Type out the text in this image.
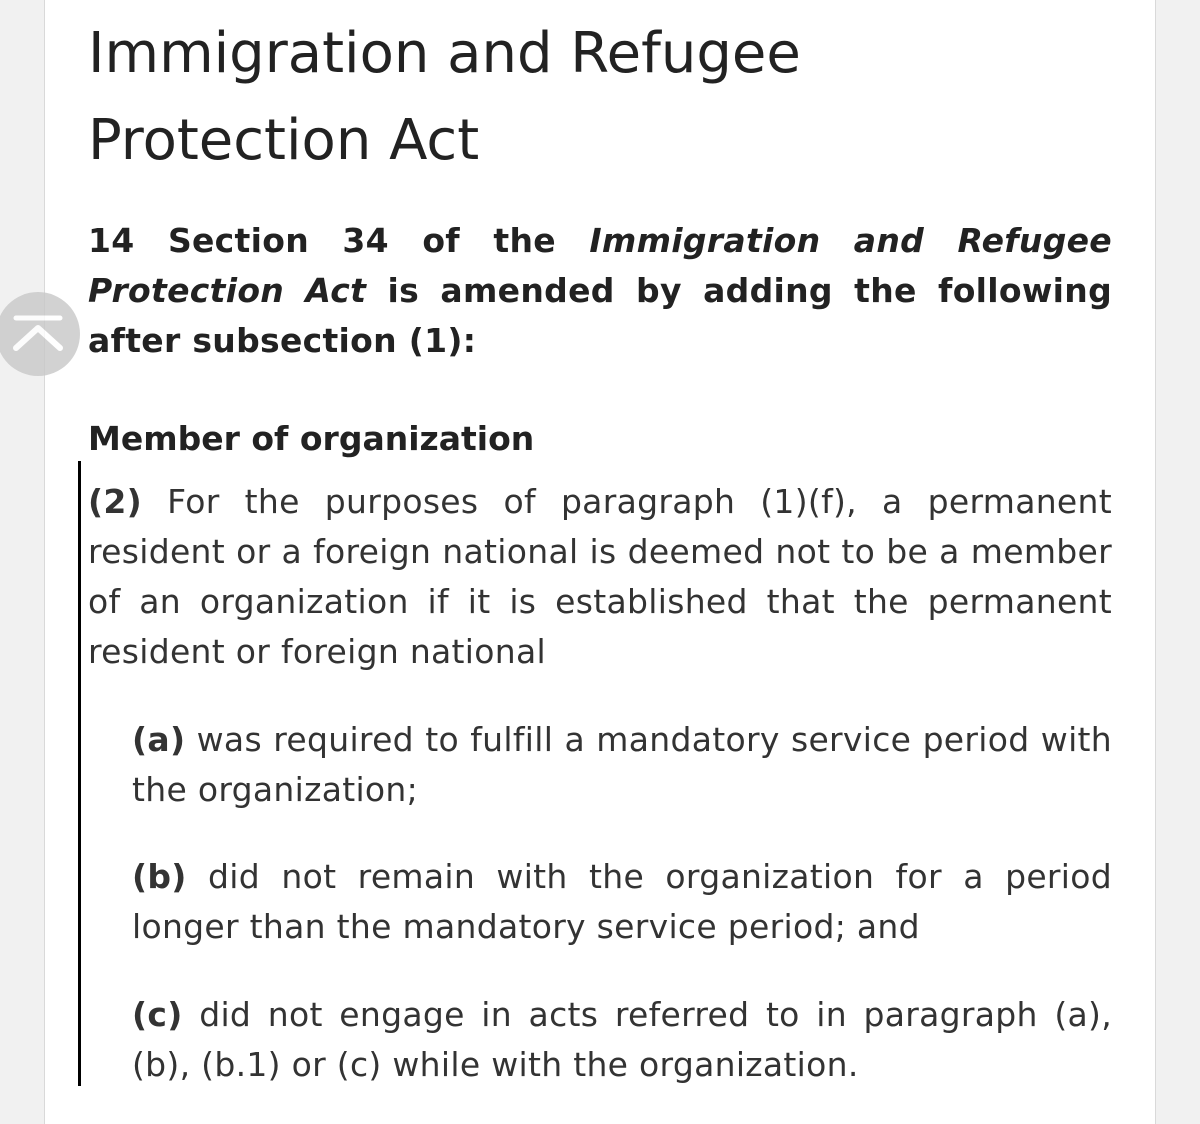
Immigration and Refugee Protection Act

14 Section 34 of the Immigration and Refugee Protection Act is amended by adding the following after subsection (1):

Member of organization

(2) For the purposes of paragraph (1)(f), a permanent resident or a foreign national is deemed not to be a member of an organization if it is established that the permanent resident or foreign national

(a) was required to fulfill a mandatory service period with the organization;

(b) did not remain with the organization for a period longer than the mandatory service period; and

(c) did not engage in acts referred to in paragraph (a), (b), (b.1) or (c) while with the organization.
